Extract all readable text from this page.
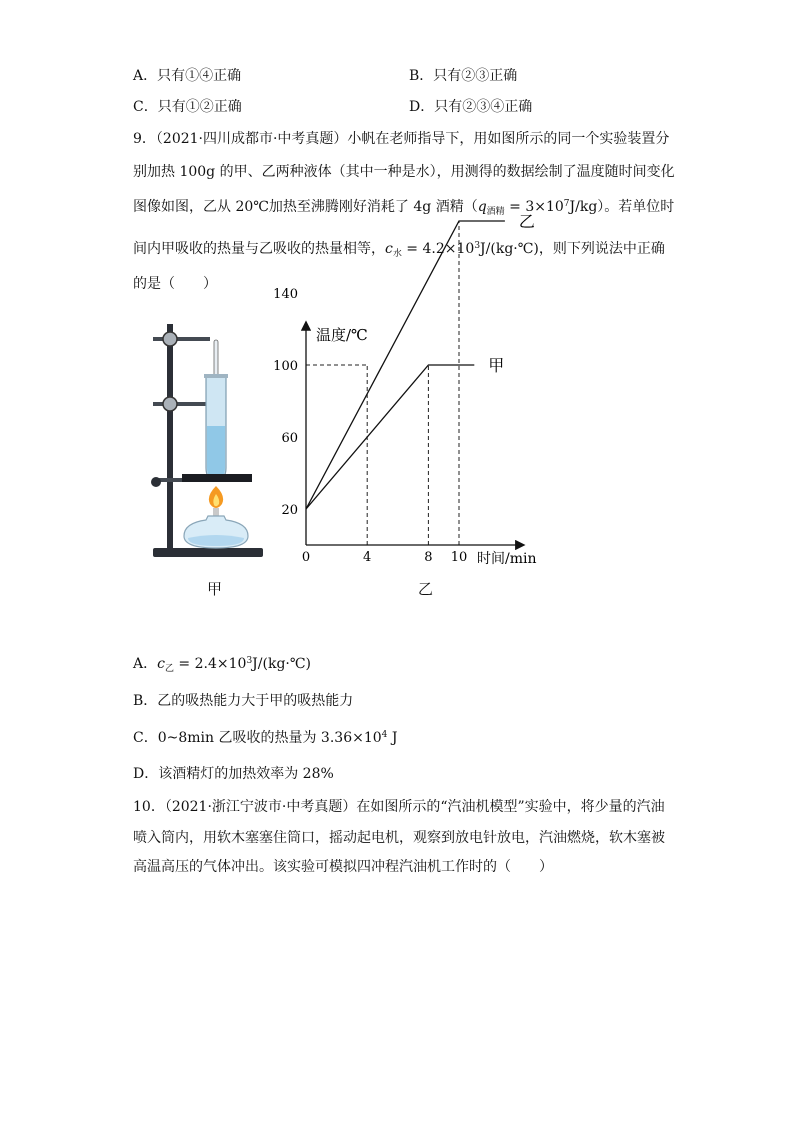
A．只有①④正确	B．只有②③正确
C．只有①②正确	D．只有②③④正确
9．（2021·四川成都市·中考真题）小帆在老师指导下，用如图所示的同一个实验装置分
别加热 100g 的甲、乙两种液体（其中一种是水），用测得的数据绘制了温度随时间变化
图像如图，乙从 20℃加热至沸腾刚好消耗了 4g 酒精$(q_{酒精} = 3\times 10^7J/kg)$。若单位时
间内甲吸收的热量与乙吸收的热量相等，$c_水$ = $4.2\times 10^3J/(kg\cdot℃)$，则下列说法中正确
的是（　　）
乙
甲
0	4	8 10
20
60
100
140
温度/℃
时间/min
甲	乙
A．$c_乙$ = $2.4\times 10^3J/(kg\cdot℃)$
B．乙的吸热能力大于甲的吸热能力
C．0~8min 乙吸收的热量为 $3.36\times 10^4$ J
D．该酒精灯的加热效率为 28%
10．（2021·浙江宁波市·中考真题）在如图所示的“汽油机模型”实验中，将少量的汽油
喷入筒内，用软木塞塞住筒口，摇动起电机，观察到放电针放电，汽油燃烧，软木塞被
高温高压的气体冲出。该实验可模拟四冲程汽油机工作时的（　　）
